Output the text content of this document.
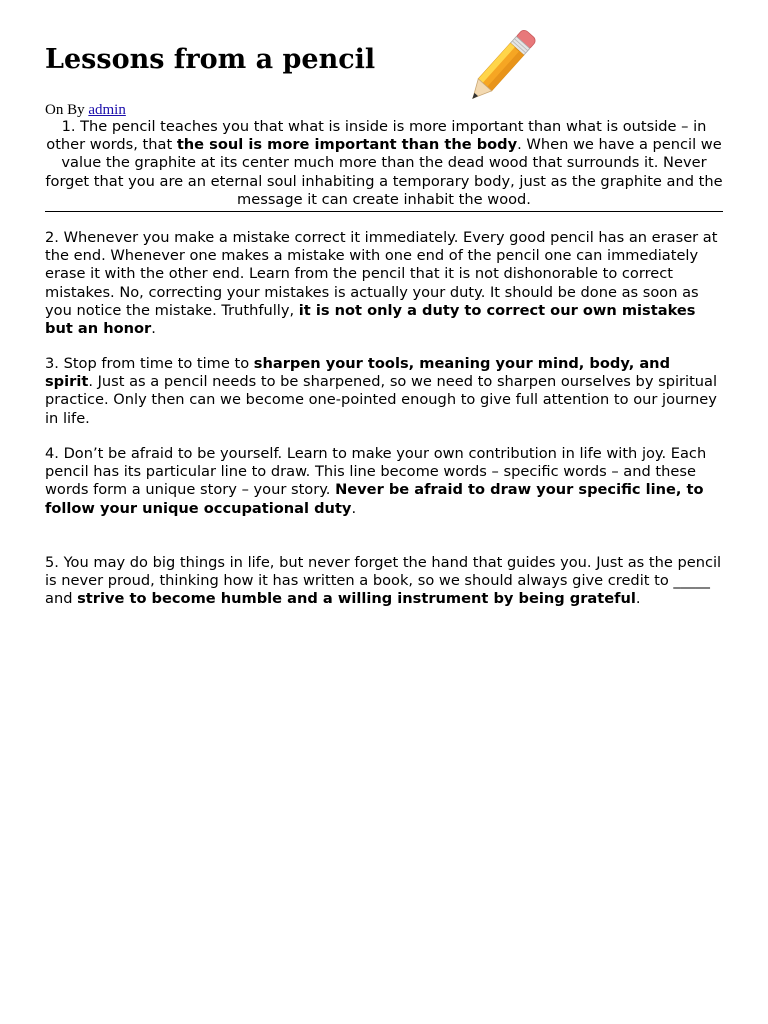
Lessons from a pencil
On By admin

1. The pencil teaches you that what is inside is more important than what is outside – in other words, that the soul is more important than the body. When we have a pencil we value the graphite at its center much more than the dead wood that surrounds it. Never forget that you are an eternal soul inhabiting a temporary body, just as the graphite and the message it can create inhabit the wood.

2. Whenever you make a mistake correct it immediately. Every good pencil has an eraser at the end. Whenever one makes a mistake with one end of the pencil one can immediately erase it with the other end. Learn from the pencil that it is not dishonorable to correct mistakes. No, correcting your mistakes is actually your duty. It should be done as soon as you notice the mistake. Truthfully, it is not only a duty to correct our own mistakes but an honor.

3. Stop from time to time to sharpen your tools, meaning your mind, body, and spirit. Just as a pencil needs to be sharpened, so we need to sharpen ourselves by spiritual practice. Only then can we become one-pointed enough to give full attention to our journey in life.

4. Don’t be afraid to be yourself. Learn to make your own contribution in life with joy. Each pencil has its particular line to draw. This line become words – specific words – and these words form a unique story – your story. Never be afraid to draw your specific line, to follow your unique occupational duty.

5. You may do big things in life, but never forget the hand that guides you. Just as the pencil is never proud, thinking how it has written a book, so we should always give credit to _____ and strive to become humble and a willing instrument by being grateful.
